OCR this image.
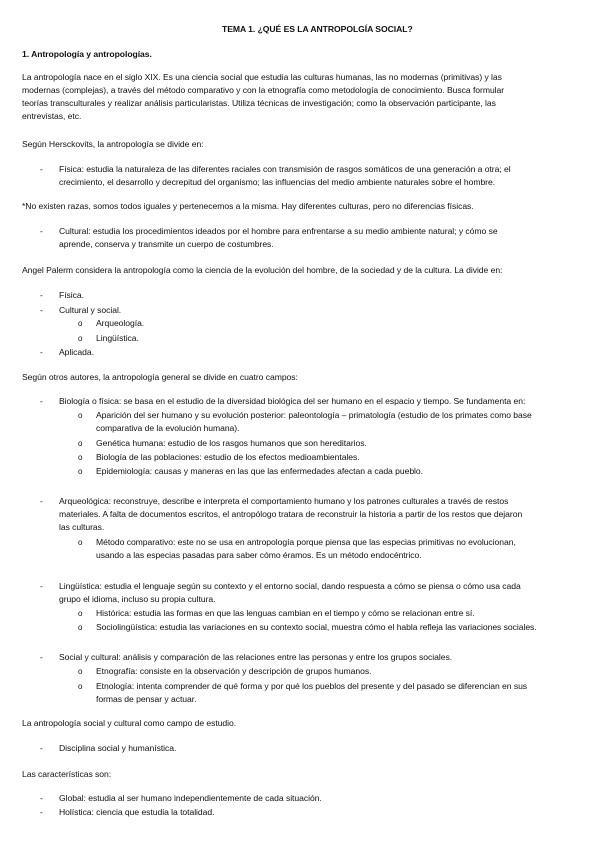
TEMA 1. ¿QUÉ ES LA ANTROPOLGÍA SOCIAL?
1. Antropología y antropologías.
La antropología nace en el siglo XIX. Es una ciencia social que estudia las culturas humanas, las no modernas (primitivas) y las
modernas (complejas), a través del método comparativo y con la etnografía como metodología de conocimiento. Busca formular
teorías transculturales y realizar análisis particularistas. Utiliza técnicas de investigación; como la observación participante, las
entrevistas, etc.
Según Hersckovits, la antropología se divide en:
- Física: estudia la naturaleza de las diferentes raciales con transmisión de rasgos somáticos de una generación a otra; el
crecimiento, el desarrollo y decrepitud del organismo; las influencias del medio ambiente naturales sobre el hombre.
*No existen razas, somos todos iguales y pertenecemos a la misma. Hay diferentes culturas, pero no diferencias físicas.
- Cultural: estudia los procedimientos ideados por el hombre para enfrentarse a su medio ambiente natural; y cómo se
aprende, conserva y transmite un cuerpo de costumbres.
Angel Palerm considera la antropología como la ciencia de la evolución del hombre, de la sociedad y de la cultura. La divide en:
- Física.
- Cultural y social.
o Arqueología.
o Lingüística.
- Aplicada.
Según otros autores, la antropología general se divide en cuatro campos:
- Biología o física: se basa en el estudio de la diversidad biológica del ser humano en el espacio y tiempo. Se fundamenta en:
o Aparición del ser humano y su evolución posterior: paleontología – primatología (estudio de los primates como base
comparativa de la evolución humana).
o Genética humana: estudio de los rasgos humanos que son hereditarios.
o Biología de las poblaciones: estudio de los efectos medioambientales.
o Epidemiología: causas y maneras en las que las enfermedades afectan a cada pueblo.
- Arqueológica: reconstruye, describe e interpreta el comportamiento humano y los patrones culturales a través de restos
materiales. A falta de documentos escritos, el antropólogo tratara de reconstruir la historia a partir de los restos que dejaron
las culturas.
o Método comparativo: este no se usa en antropología porque piensa que las especias primitivas no evolucionan,
usando a las especias pasadas para saber cómo éramos. Es un método endocéntrico.
- Lingüística: estudia el lenguaje según su contexto y el entorno social, dando respuesta a cómo se piensa o cómo usa cada
grupo el idioma, incluso su propia cultura.
o Histórica: estudia las formas en que las lenguas cambian en el tiempo y cómo se relacionan entre sí.
o Sociolingüística: estudia las variaciones en su contexto social, muestra cómo el habla refleja las variaciones sociales.
- Social y cultural: análisis y comparación de las relaciones entre las personas y entre los grupos sociales.
o Etnografía: consiste en la observación y descripción de grupos humanos.
o Etnología: intenta comprender de qué forma y por qué los pueblos del presente y del pasado se diferencian en sus
formas de pensar y actuar.
La antropología social y cultural como campo de estudio.
- Disciplina social y humanística.
Las características son:
- Global: estudia al ser humano independientemente de cada situación.
- Holística: ciencia que estudia la totalidad.
